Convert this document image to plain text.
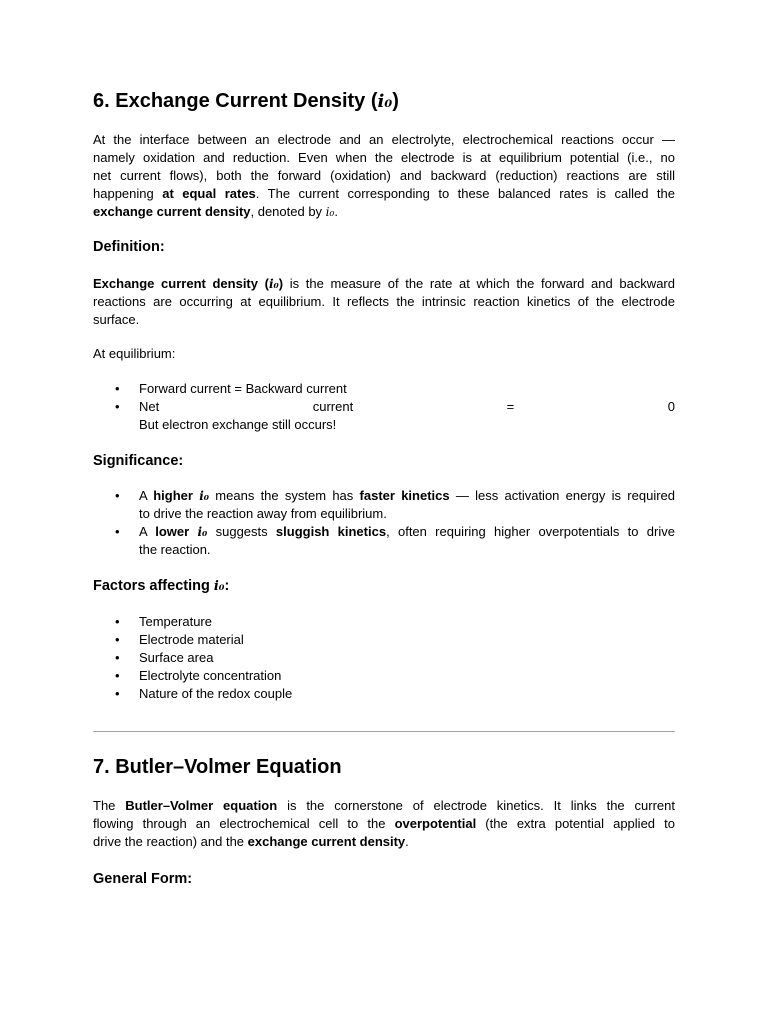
6. Exchange Current Density (i₀)
At the interface between an electrode and an electrolyte, electrochemical reactions occur —
namely oxidation and reduction. Even when the electrode is at equilibrium potential (i.e., no
net current flows), both the forward (oxidation) and backward (reduction) reactions are still
happening at equal rates. The current corresponding to these balanced rates is called the
exchange current density, denoted by i₀.
Definition:
Exchange current density (i₀) is the measure of the rate at which the forward and backward
reactions are occurring at equilibrium. It reflects the intrinsic reaction kinetics of the electrode
surface.
At equilibrium:
• Forward current = Backward current
• Net	current	=	0
But electron exchange still occurs!
Significance:
• A higher i₀ means the system has faster kinetics — less activation energy is required
to drive the reaction away from equilibrium.
• A lower i₀ suggests sluggish kinetics, often requiring higher overpotentials to drive
the reaction.
Factors affecting i₀:
• Temperature
• Electrode material
• Surface area
• Electrolyte concentration
• Nature of the redox couple
7. Butler–Volmer Equation
The Butler–Volmer equation is the cornerstone of electrode kinetics. It links the current
flowing through an electrochemical cell to the overpotential (the extra potential applied to
drive the reaction) and the exchange current density.
General Form:
